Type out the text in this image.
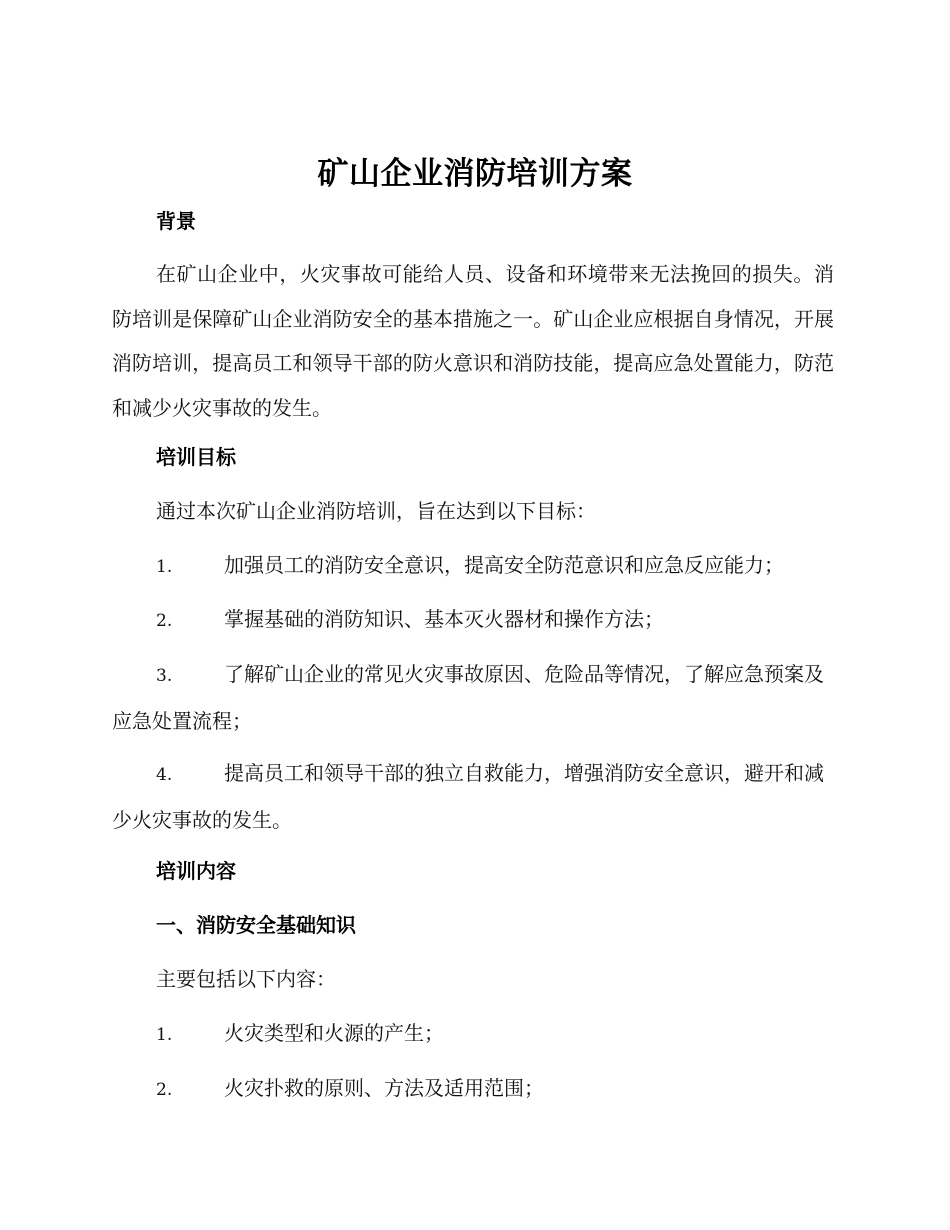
矿山企业消防培训方案
背景

在矿山企业中，火灾事故可能给人员、设备和环境带来无法挽回的损失。消防培训是保障矿山企业消防安全的基本措施之一。矿山企业应根据自身情况，开展消防培训，提高员工和领导干部的防火意识和消防技能，提高应急处置能力，防范和减少火灾事故的发生。

培训目标

通过本次矿山企业消防培训，旨在达到以下目标：

1.	加强员工的消防安全意识，提高安全防范意识和应急反应能力；

2.	掌握基础的消防知识、基本灭火器材和操作方法；

3.	了解矿山企业的常见火灾事故原因、危险品等情况，了解应急预案及应急处置流程；

4.	提高员工和领导干部的独立自救能力，增强消防安全意识，避开和减少火灾事故的发生。

培训内容
一、消防安全基础知识

主要包括以下内容：

1.	火灾类型和火源的产生；

2.	火灾扑救的原则、方法及适用范围；
